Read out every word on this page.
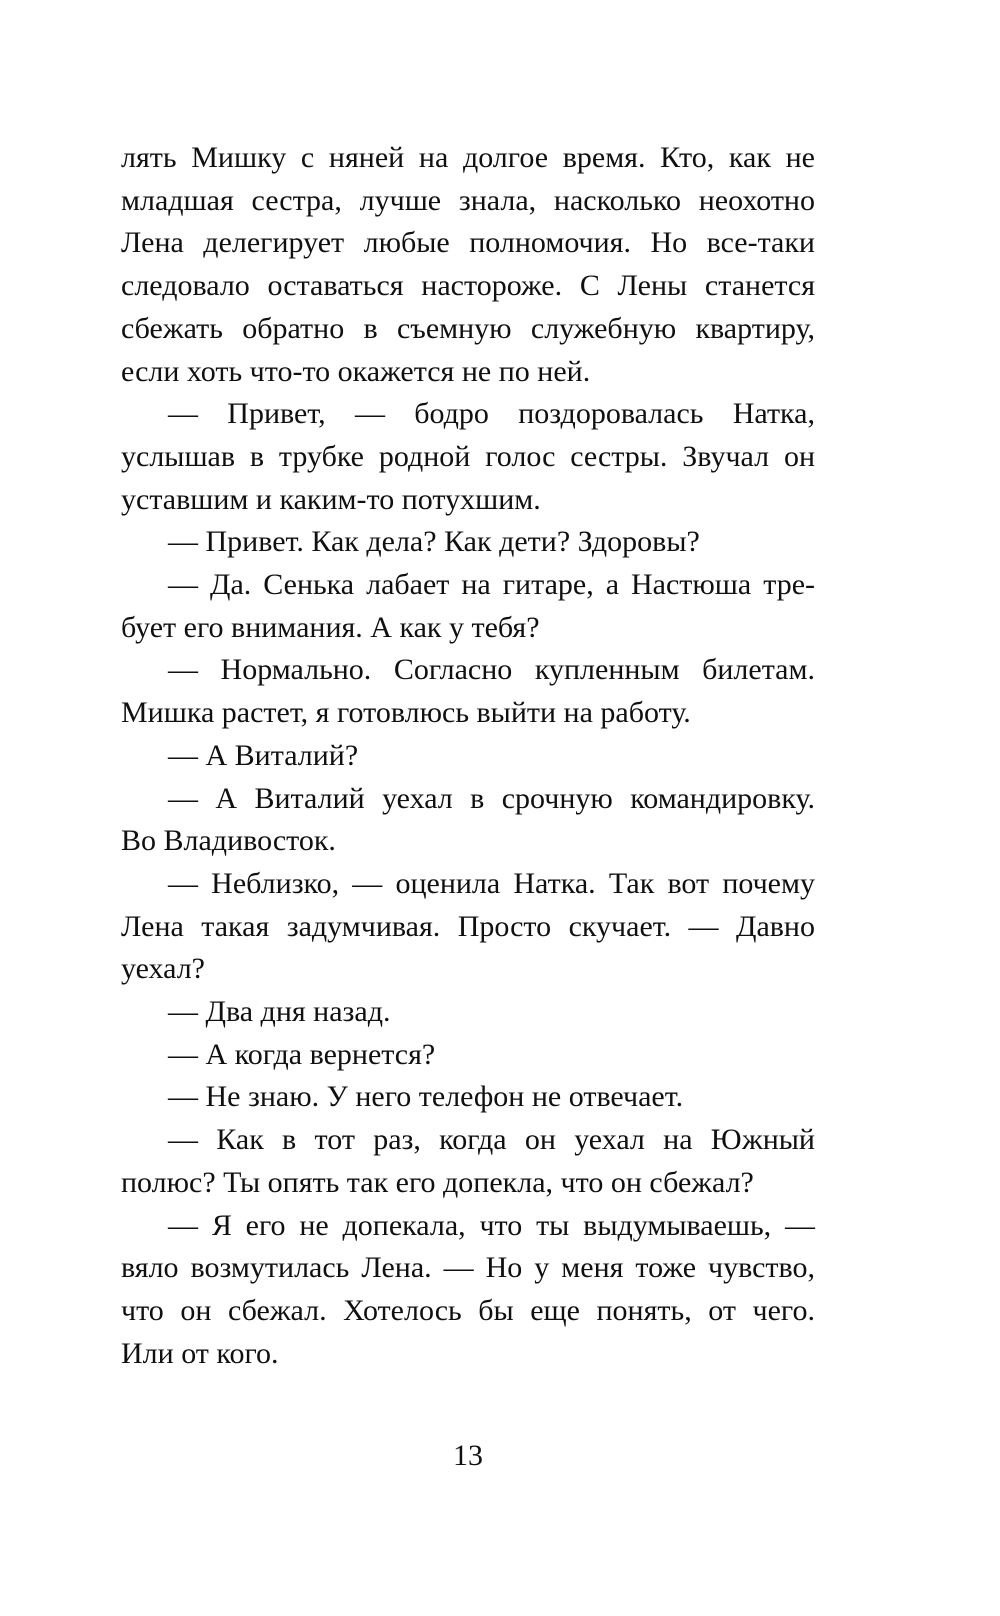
лять Мишку с няней на долгое время. Кто, как не
младшая сестра, лучше знала, насколько неохотно
Лена делегирует любые полномочия. Но все-таки
следовало оставаться настороже. С Лены станется
сбежать обратно в съемную служебную квартиру,
если хоть что-то окажется не по ней.
— Привет, — бодро поздоровалась Натка,
услышав в трубке родной голос сестры. Звучал он
уставшим и каким-то потухшим.
— Привет. Как дела? Как дети? Здоровы?
— Да. Сенька лабает на гитаре, а Настюша тре-
бует его внимания. А как у тебя?
— Нормально. Согласно купленным билетам.
Мишка растет, я готовлюсь выйти на работу.
— А Виталий?
— А Виталий уехал в срочную командировку.
Во Владивосток.
— Неблизко, — оценила Натка. Так вот почему
Лена такая задумчивая. Просто скучает. — Давно
уехал?
— Два дня назад.
— А когда вернется?
— Не знаю. У него телефон не отвечает.
— Как в тот раз, когда он уехал на Южный
полюс? Ты опять так его допекла, что он сбежал?
— Я его не допекала, что ты выдумываешь, —
вяло возмутилась Лена. — Но у меня тоже чувство,
что он сбежал. Хотелось бы еще понять, от чего.
Или от кого.
13
